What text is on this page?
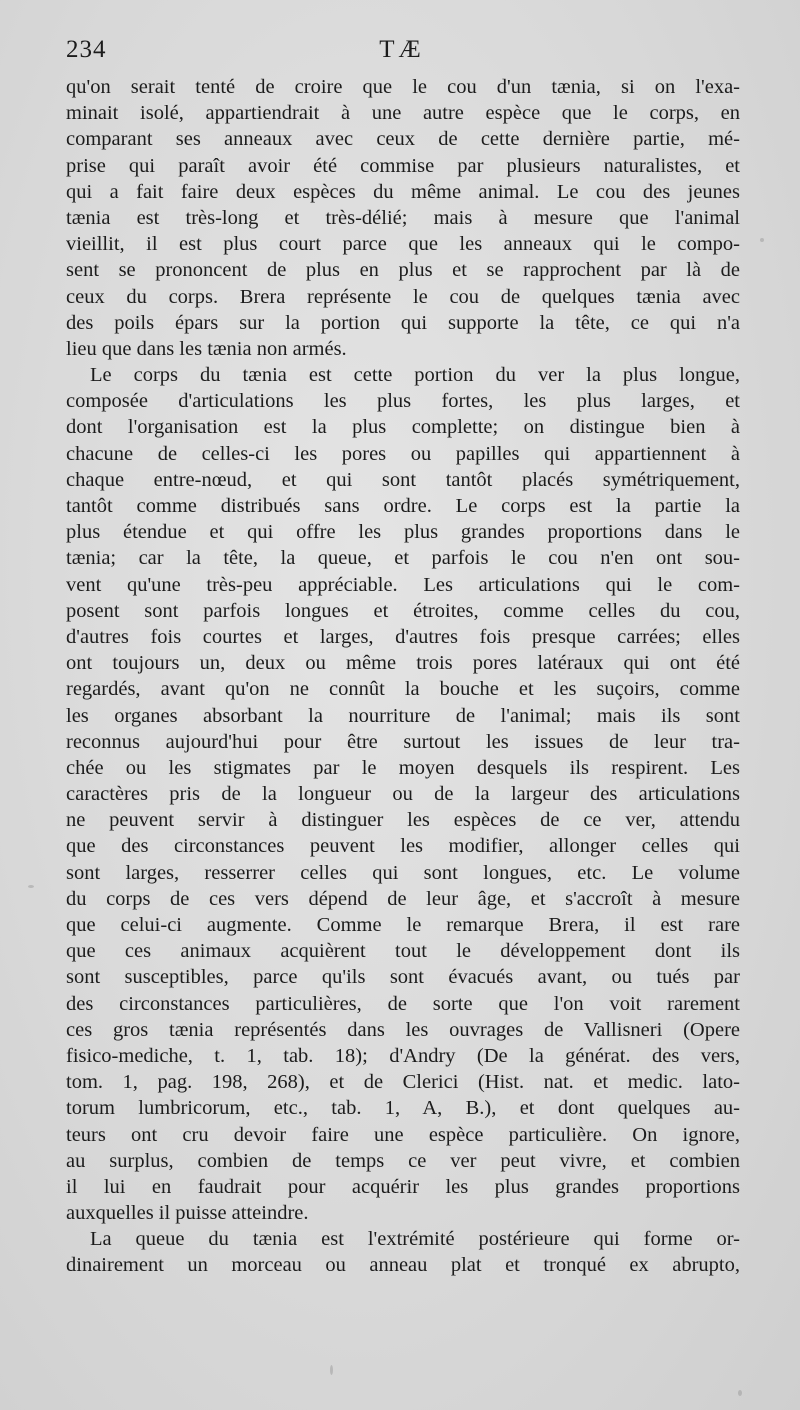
234	TÆ
qu'on serait tenté de croire que le cou d'un tænia, si on l'exa-
minait isolé, appartiendrait à une autre espèce que le corps, en
comparant ses anneaux avec ceux de cette dernière partie, mé-
prise qui paraît avoir été commise par plusieurs naturalistes, et
qui a fait faire deux espèces du même animal. Le cou des jeunes
tænia est très-long et très-délié; mais à mesure que l'animal
vieillit, il est plus court parce que les anneaux qui le compo-
sent se prononcent de plus en plus et se rapprochent par là de
ceux du corps. Brera représente le cou de quelques tænia avec
des poils épars sur la portion qui supporte la tête, ce qui n'a
lieu que dans les tænia non armés.
Le corps du tænia est cette portion du ver la plus longue,
composée d'articulations les plus fortes, les plus larges, et
dont l'organisation est la plus complette; on distingue bien à
chacune de celles-ci les pores ou papilles qui appartiennent à
chaque entre-nœud, et qui sont tantôt placés symétriquement,
tantôt comme distribués sans ordre. Le corps est la partie la
plus étendue et qui offre les plus grandes proportions dans le
tænia; car la tête, la queue, et parfois le cou n'en ont sou-
vent qu'une très-peu appréciable. Les articulations qui le com-
posent sont parfois longues et étroites, comme celles du cou,
d'autres fois courtes et larges, d'autres fois presque carrées; elles
ont toujours un, deux ou même trois pores latéraux qui ont été
regardés, avant qu'on ne connût la bouche et les suçoirs, comme
les organes absorbant la nourriture de l'animal; mais ils sont
reconnus aujourd'hui pour être surtout les issues de leur tra-
chée ou les stigmates par le moyen desquels ils respirent. Les
caractères pris de la longueur ou de la largeur des articulations
ne peuvent servir à distinguer les espèces de ce ver, attendu
que des circonstances peuvent les modifier, allonger celles qui
sont larges, resserrer celles qui sont longues, etc. Le volume
du corps de ces vers dépend de leur âge, et s'accroît à mesure
que celui-ci augmente. Comme le remarque Brera, il est rare
que ces animaux acquièrent tout le développement dont ils
sont susceptibles, parce qu'ils sont évacués avant, ou tués par
des circonstances particulières, de sorte que l'on voit rarement
ces gros tænia représentés dans les ouvrages de Vallisneri (Opere
fisico-mediche, t. 1, tab. 18); d'Andry (De la générat. des vers,
tom. 1, pag. 198, 268), et de Clerici (Hist. nat. et medic. lato-
torum lumbricorum, etc., tab. 1, A, B.), et dont quelques au-
teurs ont cru devoir faire une espèce particulière. On ignore,
au surplus, combien de temps ce ver peut vivre, et combien
il lui en faudrait pour acquérir les plus grandes proportions
auxquelles il puisse atteindre.
La queue du tænia est l'extrémité postérieure qui forme or-
dinairement un morceau ou anneau plat et tronqué ex abrupto,
